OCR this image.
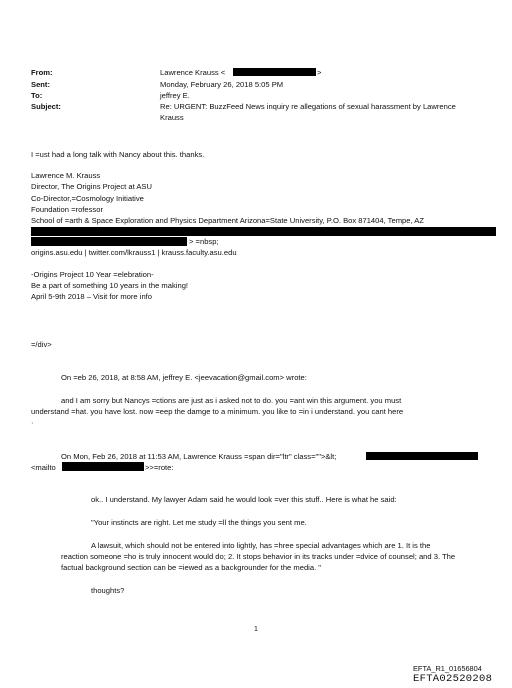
From:	Lawrence Krauss <	>
Sent:	Monday, February 26, 2018 5:05 PM
To:	jeffrey E.
Subject:	Re: URGENT: BuzzFeed News inquiry re allegations of sexual harassment by Lawrence
Krauss
I =ust had a long talk with Nancy about this. thanks.
Lawrence M. Krauss
Director, The Origins Project at ASU
Co-Director,=Cosmology Initiative
Foundation =rofessor
School of =arth & Space Exploration and Physics Department Arizona=State University, P.O. Box 871404, Tempe, AZ
> =nbsp;
origins.asu.edu | twitter.com/lkrauss1 | krauss.faculty.asu.edu
-Origins Project 10 Year =elebration-
Be a part of something 10 years in the making!
April 5-9th 2018 – Visit for more info
=/div>
On =eb 26, 2018, at 8:58 AM, jeffrey E. <jeevacation@gmail.com> wrote:
and I am sorry but Nancys =ctions are just as i asked not to do. you =ant win this argument. you must
understand =hat. you have lost. now =eep the damge to a minimum. you like to =in i understand. you cant here
·
On Mon, Feb 26, 2018 at 11:53 AM, Lawrence Krauss =span dir="ltr" class="">&lt;
<mailto	>>=rote:
ok.. I understand. My lawyer Adam said he would look =ver this stuff.. Here is what he said:
"Your instincts are right. Let me study =ll the things you sent me.
A lawsuit, which should not be entered into lightly, has =hree special advantages which are 1. It is the
reaction someone =ho is truly innocent would do; 2. It stops behavior in its tracks under =dvice of counsel; and 3. The
factual background section can be =iewed as a backgrounder for the media. "
thoughts?
1
EFTA_R1_01656804
EFTA02520208
